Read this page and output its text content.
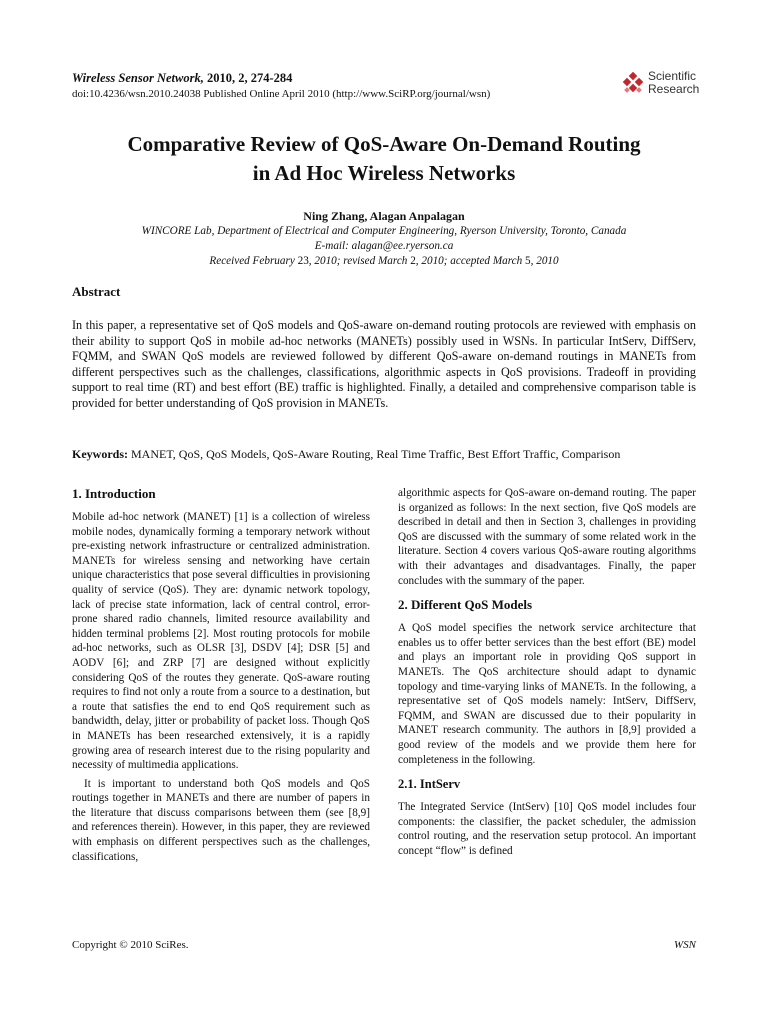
Wireless Sensor Network, 2010, 2, 274-284
doi:10.4236/wsn.2010.24038 Published Online April 2010 (http://www.SciRP.org/journal/wsn)
Scientific
Research
Comparative Review of QoS-Aware On-Demand Routing
in Ad Hoc Wireless Networks
Ning Zhang, Alagan Anpalagan
WINCORE Lab, Department of Electrical and Computer Engineering, Ryerson University, Toronto, Canada
E-mail: alagan@ee.ryerson.ca
Received February 23, 2010; revised March 2, 2010; accepted March 5, 2010
Abstract
In this paper, a representative set of QoS models and QoS-aware on-demand routing protocols are reviewed with emphasis on their ability to support QoS in mobile ad-hoc networks (MANETs) possibly used in WSNs. In particular IntServ, DiffServ, FQMM, and SWAN QoS models are reviewed followed by different QoS-aware on-demand routings in MANETs from different perspectives such as the challenges, classifications, algorithmic aspects in QoS provisions. Tradeoff in providing support to real time (RT) and best effort (BE) traffic is highlighted. Finally, a detailed and comprehensive comparison table is provided for better understanding of QoS provision in MANETs.
Keywords: MANET, QoS, QoS Models, QoS-Aware Routing, Real Time Traffic, Best Effort Traffic, Comparison
1. Introduction

Mobile ad-hoc network (MANET) [1] is a collection of wireless mobile nodes, dynamically forming a temporary network without pre-existing network infrastructure or centralized administration. MANETs for wireless sensing and networking have certain unique characteristics that pose several difficulties in provisioning quality of service (QoS). They are: dynamic network topology, lack of precise state information, lack of central control, error-prone shared radio channels, limited resource availability and hidden terminal problems [2]. Most routing protocols for mobile ad-hoc networks, such as OLSR [3], DSDV [4]; DSR [5] and AODV [6]; and ZRP [7] are designed without explicitly considering QoS of the routes they generate. QoS-aware routing requires to find not only a route from a source to a destination, but a route that satisfies the end to end QoS requirement such as bandwidth, delay, jitter or probability of packet loss. Though QoS in MANETs has been researched extensively, it is a rapidly growing area of research interest due to the rising popularity and necessity of multimedia applications.

It is important to understand both QoS models and QoS routings together in MANETs and there are number of papers in the literature that discuss comparisons between them (see [8,9] and references therein). However, in this paper, they are reviewed with emphasis on different perspectives such as the challenges, classifications,

algorithmic aspects for QoS-aware on-demand routing. The paper is organized as follows: In the next section, five QoS models are described in detail and then in Section 3, challenges in providing QoS are discussed with the summary of some related work in the literature. Section 4 covers various QoS-aware routing algorithms with their advantages and disadvantages. Finally, the paper concludes with the summary of the paper.

2. Different QoS Models

A QoS model specifies the network service architecture that enables us to offer better services than the best effort (BE) model and plays an important role in providing QoS support in MANETs. The QoS architecture should adapt to dynamic topology and time-varying links of MANETs. In the following, a representative set of QoS models namely: IntServ, DiffServ, FQMM, and SWAN are discussed due to their popularity in MANET research community. The authors in [8,9] provided a good review of the models and we provide them here for completeness in the following.

2.1. IntServ

The Integrated Service (IntServ) [10] QoS model includes four components: the classifier, the packet scheduler, the admission control routing, and the reservation setup protocol. An important concept “flow” is defined

Copyright © 2010 SciRes.	WSN
